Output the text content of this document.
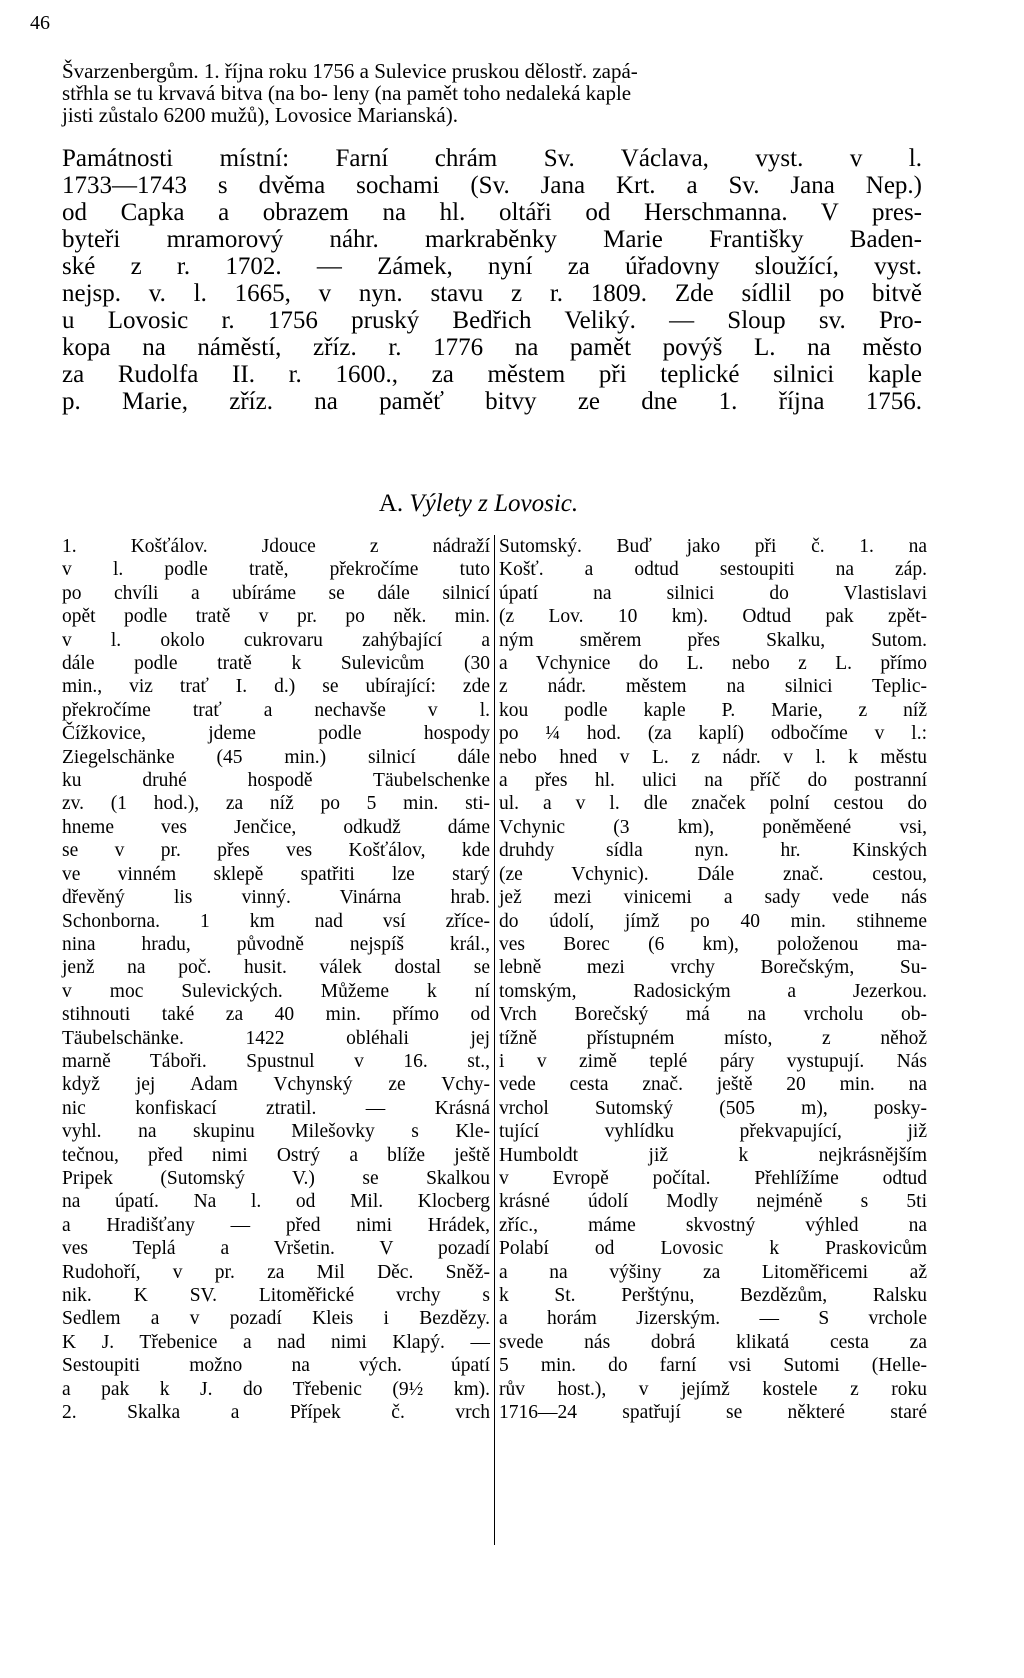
46
Švarzenbergům. 1. října roku 1756 a Sulevice pruskou dělostř. zapá-
střhla se tu krvavá bitva (na bo- leny (na pamět toho nedaleká kaple
jisti zůstalo 6200 mužů), Lovosice Marianská).
Památnosti místní: Farní chrám Sv. Václava, vyst. v l.
1733—1743 s dvěma sochami (Sv. Jana Krt. a Sv. Jana Nep.)
od Capka a obrazem na hl. oltáři od Herschmanna. V pres-
byteři mramorový náhr. markraběnky Marie Františky Baden-
ské z r. 1702. — Zámek, nyní za úřadovny sloužící, vyst.
nejsp. v. l. 1665, v nyn. stavu z r. 1809. Zde sídlil po bitvě
u Lovosic r. 1756 pruský Bedřich Veliký. — Sloup sv. Pro-
kopa na náměstí, zříz. r. 1776 na pamět povýš L. na město
za Rudolfa II. r. 1600., za městem při teplické silnici kaple
p. Marie, zříz. na paměť bitvy ze dne 1. října 1756.
A. Výlety z Lovosic.
1. Košťálov. Jdouce z nádraží
v l. podle tratě, překročíme tuto
po chvíli a ubíráme se dále silnicí
opět podle tratě v pr. po něk. min.
v l. okolo cukrovaru zahýbající a
dále podle tratě k Sulevicům (30
min., viz trať I. d.) se ubírající: zde
překročíme trať a nechavše v l.
Čížkovice, jdeme podle hospody
Ziegelschänke (45 min.) silnicí dále
ku druhé hospodě Täubelschenke
zv. (1 hod.), za níž po 5 min. sti-
hneme ves Jenčice, odkudž dáme
se v pr. přes ves Košťálov, kde
ve vinném sklepě spatřiti lze starý
dřevěný lis vinný. Vinárna hrab.
Schonborna. 1 km nad vsí zříce-
nina hradu, původně nejspíš král.,
jenž na poč. husit. válek dostal se
v moc Sulevických. Můžeme k ní
stihnouti také za 40 min. přímo od
Täubelschänke. 1422 obléhali jej
marně Táboři. Spustnul v 16. st.,
když jej Adam Vchynský ze Vchy-
nic konfiskací ztratil. — Krásná
vyhl. na skupinu Milešovky s Kle-
tečnou, před nimi Ostrý a blíže ještě
Pripek (Sutomský V.) se Skalkou
na úpatí. Na l. od Mil. Klocberg
a Hradišťany — před nimi Hrádek,
ves Teplá a Vršetin. V pozadí
Rudohoří, v pr. za Mil Děc. Sněž-
nik. K SV. Litoměřické vrchy s
Sedlem a v pozadí Kleis i Bezdězy.
K J. Třebenice a nad nimi Klapý. —
Sestoupiti možno na vých. úpatí
a pak k J. do Třebenic (9½ km).
2. Skalka a Přípek č. vrch
Sutomský. Buď jako při č. 1. na
Košť. a odtud sestoupiti na záp.
úpatí na silnici do Vlastislavi
(z Lov. 10 km). Odtud pak zpět-
ným směrem přes Skalku, Sutom.
a Vchynice do L. nebo z L. přímo
z nádr. městem na silnici Teplic-
kou podle kaple P. Marie, z níž
po ¼ hod. (za kaplí) odbočíme v l.:
nebo hned v L. z nádr. v l. k městu
a přes hl. ulici na příč do postranní
ul. a v l. dle značek polní cestou do
Vchynic (3 km), poněměené vsi,
druhdy sídla nyn. hr. Kinských
(ze Vchynic). Dále znač. cestou,
jež mezi vinicemi a sady vede nás
do údolí, jímž po 40 min. stihneme
ves Borec (6 km), položenou ma-
lebně mezi vrchy Borečským, Su-
tomským, Radosickým a Jezerkou.
Vrch Borečský má na vrcholu ob-
tížně přístupném místo, z něhož
i v zimě teplé páry vystupují. Nás
vede cesta znač. ještě 20 min. na
vrchol Sutomský (505 m), posky-
tující vyhlídku překvapující, již
Humboldt již k nejkrásnějším
v Evropě počítal. Přehlížíme odtud
krásné údolí Modly nejméně s 5ti
zříc., máme skvostný výhled na
Polabí od Lovosic k Praskovicům
a na výšiny za Litoměřicemi až
k St. Perštýnu, Bezdězům, Ralsku
a horám Jizerským. — S vrchole
svede nás dobrá klikatá cesta za
5 min. do farní vsi Sutomi (Helle-
rův host.), v jejímž kostele z roku
1716—24 spatřují se některé staré
